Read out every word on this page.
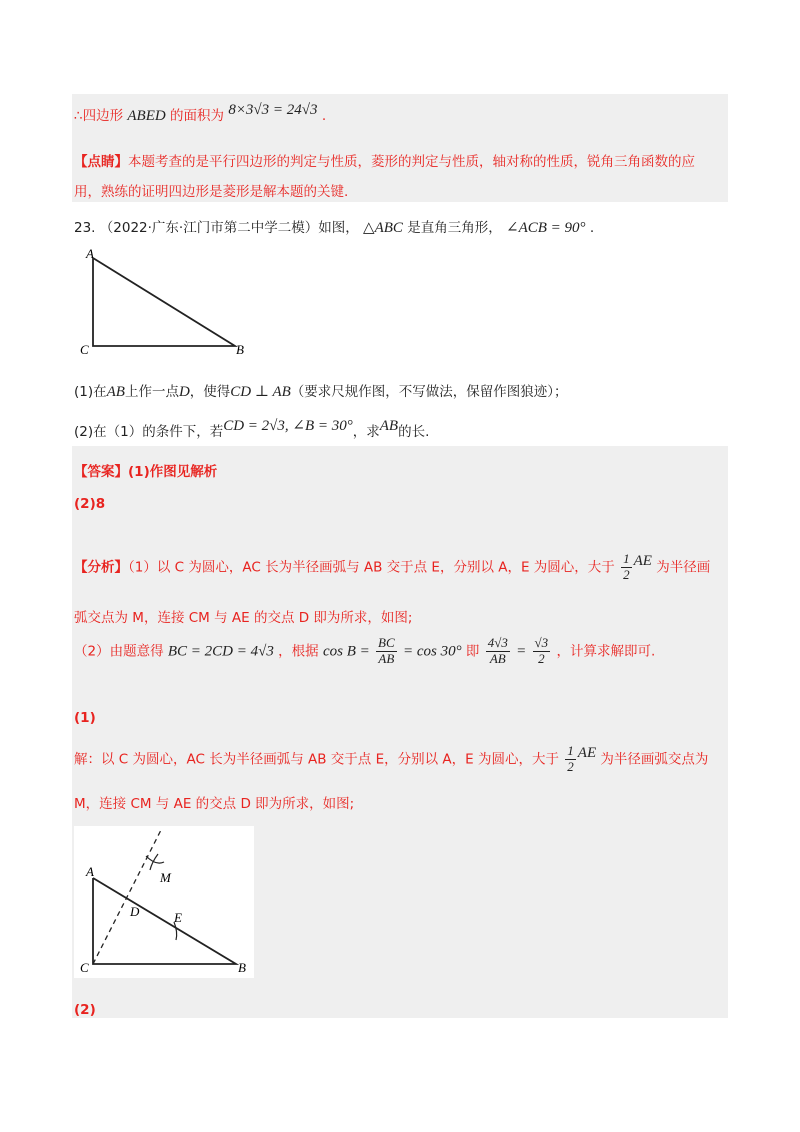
∴四边形 ABED 的面积为 8×3√3 = 24√3 .
【点睛】本题考查的是平行四边形的判定与性质，菱形的判定与性质，轴对称的性质，锐角三角函数的应
用，熟练的证明四边形是菱形是解本题的关键.
23. （2022·广东·江门市第二中学二模）如图， △ABC 是直角三角形， ∠ACB = 90° .
A
C	B
(1)在AB上作一点D，使得CD ⊥ AB（要求尺规作图，不写做法，保留作图狼迹）；
(2)在（1）的条件下，若CD = 2√3, ∠B = 30°，求AB的长.
【答案】(1)作图见解析
(2)8
【分析】（1）以 C 为圆心，AC 长为半径画弧与 AB 交于点 E，分别以 A，E 为圆心，大于 $\frac{1}{2}$ AE 为半径画
弧交点为 M，连接 CM 与 AE 的交点 D 即为所求，如图;
（2）由题意得 BC = 2CD = 4√3 ，根据 $\cos B = \frac{BC}{AB} = \cos 30^\circ$ 即 $\frac{4√3}{AB} = \frac{√3}{2}$ ，计算求解即可.
(1)
解：以 C 为圆心，AC 长为半径画弧与 AB 交于点 E，分别以 A，E 为圆心，大于 $\frac{1}{2}$ AE 为半径画弧交点为
M，连接 CM 与 AE 的交点 D 即为所求，如图;
A	M
D	E
C	B
(2)
